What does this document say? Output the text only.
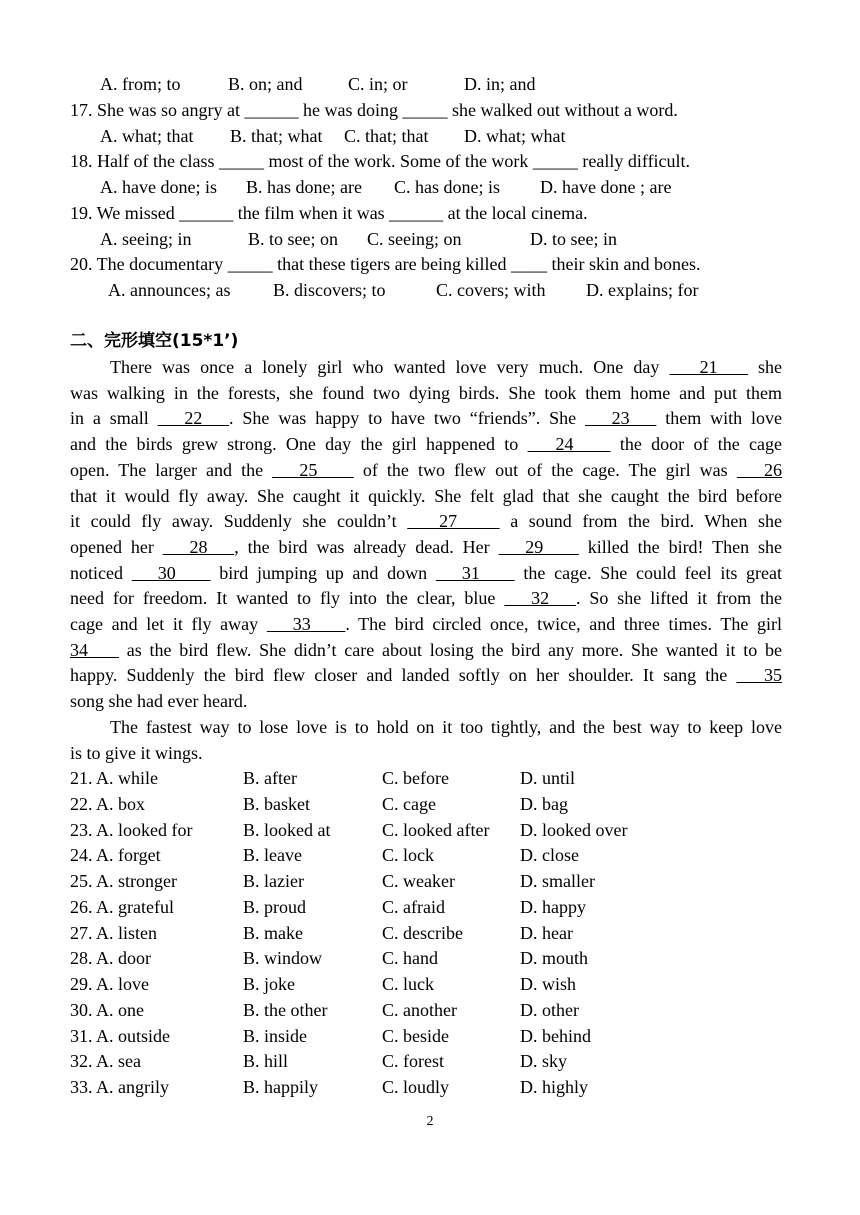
A. from; to	B. on; and	C. in; or	D. in; and
17. She was so angry at ______ he was doing _____ she walked out without a word.
A. what; that B. that; what C. that; that D. what; what
18. Half of the class _____ most of the work. Some of the work _____ really difficult.
A. have done; is B. has done; are C. has done; is D. have done ; are
19. We missed ______ the film when it was ______ at the local cinema.
A. seeing; in	B. to see; on C. seeing; on	D. to see; in
20. The documentary _____ that these tigers are being killed ____ their skin and bones.
A. announces; as B. discovers; to	C. covers; with D. explains; for
二、完形填空(15*1’)
There was once a lonely girl who wanted love very much. One day    21    she
was walking in the forests, she found two dying birds. She took them home and put them
in a small    22   . She was happy to have two “friends”. She    23    them with love
and the birds grew strong. One day the girl happened to    24     the door of the cage
open. The larger and the    25     of the two flew out of the cage. The girl was    26
that it would fly away. She caught it quickly. She felt glad that she caught the bird before
it could fly away. Suddenly she couldn’t    27     a sound from the bird. When she
opened her    28   , the bird was already dead. Her    29     killed the bird! Then she
noticed    30     bird jumping up and down    31     the cage. She could feel its great
need for freedom. It wanted to fly into the clear, blue    32   . So she lifted it from the
cage and let it fly away    33    . The bird circled once, twice, and three times. The girl
34     as the bird flew. She didn’t care about losing the bird any more. She wanted it to be
happy. Suddenly the bird flew closer and landed softly on her shoulder. It sang the    35
song she had ever heard.
The fastest way to lose love is to hold on it too tightly, and the best way to keep love
is to give it wings.
21. A. while	B. after	C. before	D. until
22. A. box	B. basket	C. cage	D. bag
23. A. looked for	B. looked at	C. looked after D. looked over
24. A. forget	B. leave	C. lock	D. close
25. A. stronger	B. lazier	C. weaker	D. smaller
26. A. grateful	B. proud	C. afraid	D. happy
27. A. listen	B. make	C. describe	D. hear
28. A. door	B. window	C. hand	D. mouth
29. A. love	B. joke	C. luck	D. wish
30. A. one	B. the other	C. another	D. other
31. A. outside	B. inside	C. beside	D. behind
32. A. sea	B. hill	C. forest	D. sky
33. A. angrily	B. happily	C. loudly	D. highly
2
